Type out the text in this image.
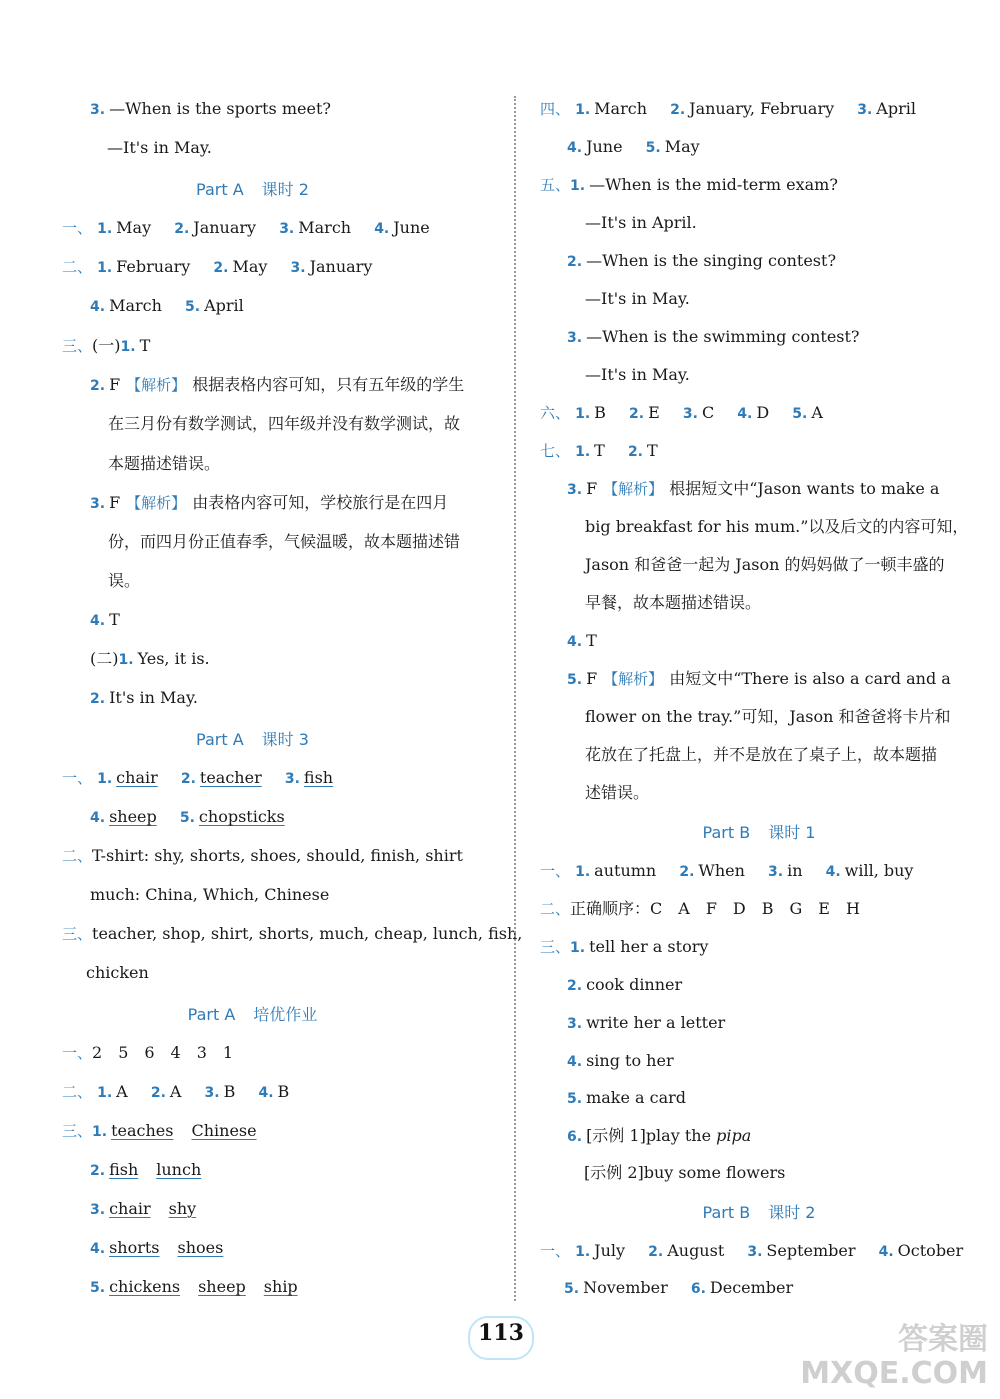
3. —When is the sports meet?
—It's in May.
Part A 课时 2
一、 1. May 2. January 3. March 4. June
二、 1. February 2. May 3. January
4. March 5. April
三、(一)1. T
2. F 【解析】 根据表格内容可知，只有五年级的学生
在三月份有数学测试，四年级并没有数学测试，故
本题描述错误。
3. F 【解析】 由表格内容可知，学校旅行是在四月
份，而四月份正值春季，气候温暖，故本题描述错
误。
4. T
(二)1. Yes, it is.
2. It's in May.
Part A 课时 3
一、 1. chair 2. teacher 3. fish
4. sheep 5. chopsticks
二、T-shirt: shy, shorts, shoes, should, finish, shirt
much: China, Which, Chinese
三、teacher, shop, shirt, shorts, much, cheap, lunch, fish,
chicken
Part A 培优作业
一、2　5　6　4　3　1
二、 1. A 2. A 3. B 4. B
三、1. teaches Chinese
2. fish lunch
3. chair shy
4. shorts shoes
5. chickens sheep ship
四、 1. March 2. January, February 3. April
4. June 5. May
五、1. —When is the mid-term exam?
—It's in April.
2. —When is the singing contest?
—It's in May.
3. —When is the swimming contest?
—It's in May.
六、 1. B 2. E 3. C 4. D 5. A
七、 1. T 2. T
3. F 【解析】 根据短文中“Jason wants to make a
big breakfast for his mum.”以及后文的内容可知，
Jason 和爸爸一起为 Jason 的妈妈做了一顿丰盛的
早餐，故本题描述错误。
4. T
5. F 【解析】 由短文中“There is also a card and a
flower on the tray.”可知，Jason 和爸爸将卡片和
花放在了托盘上，并不是放在了桌子上，故本题描
述错误。
Part B 课时 1
一、 1. autumn 2. When 3. in 4. will, buy
二、正确顺序：C　A　F　D　B　G　E　H
三、1. tell her a story
2. cook dinner
3. write her a letter
4. sing to her
5. make a card
6. [示例 1]play the pipa
[示例 2]buy some flowers
Part B 课时 2
一、 1. July 2. August 3. September 4. October
5. November 6. December
113	答案圈
MXQE.COM
